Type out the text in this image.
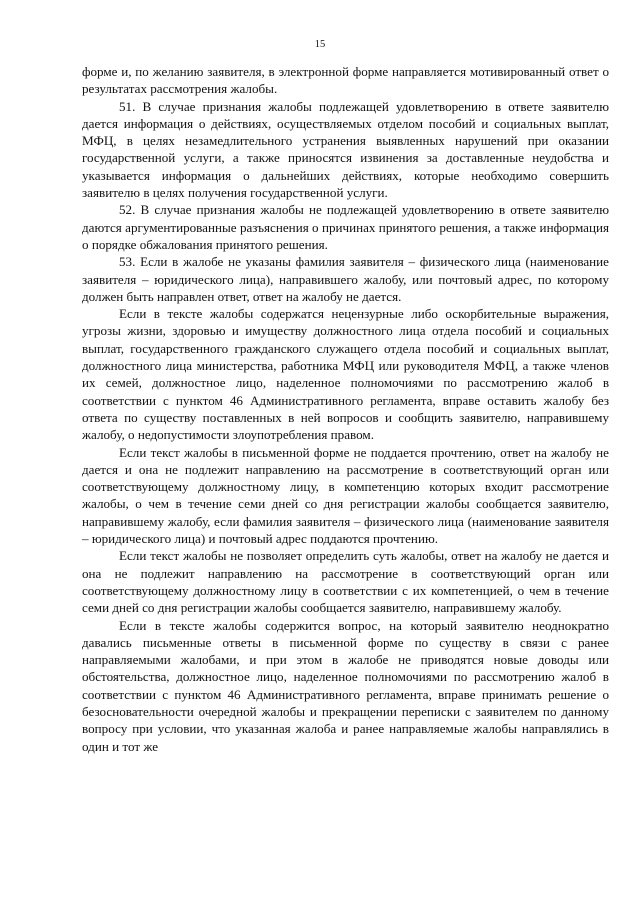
15

форме и, по желанию заявителя, в электронной форме направляется мотивированный ответ о результатах рассмотрения жалобы.

51. В случае признания жалобы подлежащей удовлетворению в ответе заявителю дается информация о действиях, осуществляемых отделом пособий и социальных выплат, МФЦ, в целях незамедлительного устранения выявленных нарушений при оказании государственной услуги, а также приносятся извинения за доставленные неудобства и указывается информация о дальнейших действиях, которые необходимо совершить заявителю в целях получения государственной услуги.

52. В случае признания жалобы не подлежащей удовлетворению в ответе заявителю даются аргументированные разъяснения о причинах принятого решения, а также информация о порядке обжалования принятого решения.

53. Если в жалобе не указаны фамилия заявителя – физического лица (наименование заявителя – юридического лица), направившего жалобу, или почтовый адрес, по которому должен быть направлен ответ, ответ на жалобу не дается.

Если в тексте жалобы содержатся нецензурные либо оскорбительные выражения, угрозы жизни, здоровью и имуществу должностного лица отдела пособий и социальных выплат, государственного гражданского служащего отдела пособий и социальных выплат, должностного лица министерства, работника МФЦ или руководителя МФЦ, а также членов их семей, должностное лицо, наделенное полномочиями по рассмотрению жалоб в соответствии с пунктом 46 Административного регламента, вправе оставить жалобу без ответа по существу поставленных в ней вопросов и сообщить заявителю, направившему жалобу, о недопустимости злоупотребления правом.

Если текст жалобы в письменной форме не поддается прочтению, ответ на жалобу не дается и она не подлежит направлению на рассмотрение в соответствующий орган или соответствующему должностному лицу, в компетенцию которых входит рассмотрение жалобы, о чем в течение семи дней со дня регистрации жалобы сообщается заявителю, направившему жалобу, если фамилия заявителя – физического лица (наименование заявителя – юридического лица) и почтовый адрес поддаются прочтению.

Если текст жалобы не позволяет определить суть жалобы, ответ на жалобу не дается и она не подлежит направлению на рассмотрение в соответствующий орган или соответствующему должностному лицу в соответствии с их компетенцией, о чем в течение семи дней со дня регистрации жалобы сообщается заявителю, направившему жалобу.

Если в тексте жалобы содержится вопрос, на который заявителю неоднократно давались письменные ответы в письменной форме по существу в связи с ранее направляемыми жалобами, и при этом в жалобе не приводятся новые доводы или обстоятельства, должностное лицо, наделенное полномочиями по рассмотрению жалоб в соответствии с пунктом 46 Административного регламента, вправе принимать решение о безосновательности очередной жалобы и прекращении переписки с заявителем по данному вопросу при условии, что указанная жалоба и ранее направляемые жалобы направлялись в один и тот же
